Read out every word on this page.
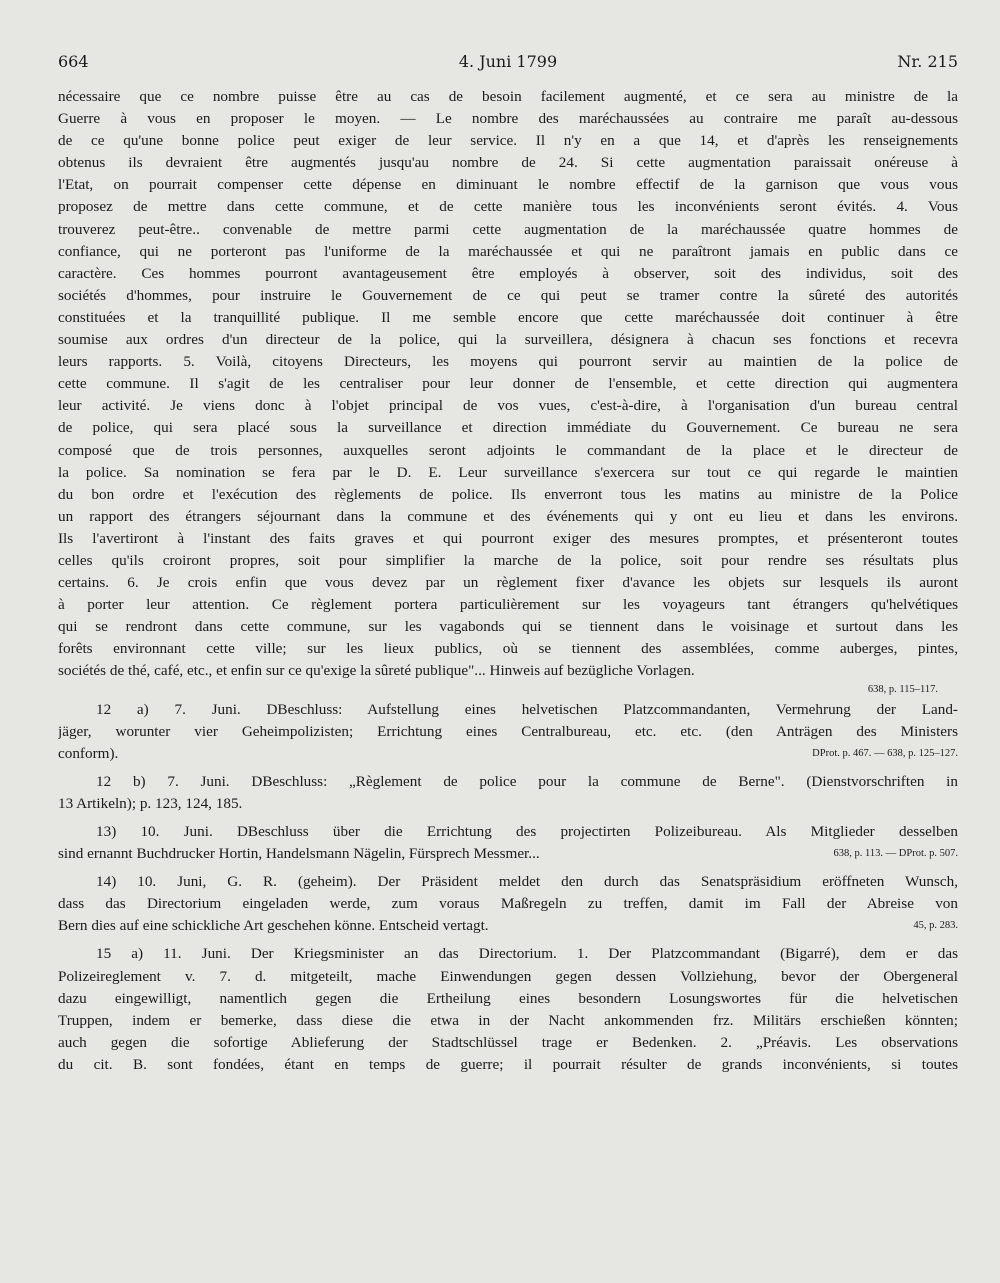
664	4. Juni 1799	Nr. 215
nécessaire que ce nombre puisse être au cas de besoin facilement augmenté, et ce sera au ministre de la
Guerre à vous en proposer le moyen. — Le nombre des maréchaussées au contraire me paraît au-dessous
de ce qu'une bonne police peut exiger de leur service. Il n'y en a que 14, et d'après les renseignements
obtenus ils devraient être augmentés jusqu'au nombre de 24. Si cette augmentation paraissait onéreuse à
l'Etat, on pourrait compenser cette dépense en diminuant le nombre effectif de la garnison que vous vous
proposez de mettre dans cette commune, et de cette manière tous les inconvénients seront évités. 4. Vous
trouverez peut-être.. convenable de mettre parmi cette augmentation de la maréchaussée quatre hommes de
confiance, qui ne porteront pas l'uniforme de la maréchaussée et qui ne paraîtront jamais en public dans ce
caractère. Ces hommes pourront avantageusement être employés à observer, soit des individus, soit des
sociétés d'hommes, pour instruire le Gouvernement de ce qui peut se tramer contre la sûreté des autorités
constituées et la tranquillité publique. Il me semble encore que cette maréchaussée doit continuer à être
soumise aux ordres d'un directeur de la police, qui la surveillera, désignera à chacun ses fonctions et recevra
leurs rapports. 5. Voilà, citoyens Directeurs, les moyens qui pourront servir au maintien de la police de
cette commune. Il s'agit de les centraliser pour leur donner de l'ensemble, et cette direction qui augmentera
leur activité. Je viens donc à l'objet principal de vos vues, c'est-à-dire, à l'organisation d'un bureau central
de police, qui sera placé sous la surveillance et direction immédiate du Gouvernement. Ce bureau ne sera
composé que de trois personnes, auxquelles seront adjoints le commandant de la place et le directeur de
la police. Sa nomination se fera par le D. E. Leur surveillance s'exercera sur tout ce qui regarde le maintien
du bon ordre et l'exécution des règlements de police. Ils enverront tous les matins au ministre de la Police
un rapport des étrangers séjournant dans la commune et des événements qui y ont eu lieu et dans les environs.
Ils l'avertiront à l'instant des faits graves et qui pourront exiger des mesures promptes, et présenteront toutes
celles qu'ils croiront propres, soit pour simplifier la marche de la police, soit pour rendre ses résultats plus
certains. 6. Je crois enfin que vous devez par un règlement fixer d'avance les objets sur lesquels ils auront
à porter leur attention. Ce règlement portera particulièrement sur les voyageurs tant étrangers qu'helvétiques
qui se rendront dans cette commune, sur les vagabonds qui se tiennent dans le voisinage et surtout dans les
forêts environnant cette ville; sur les lieux publics, où se tiennent des assemblées, comme auberges, pintes,
sociétés de thé, café, etc., et enfin sur ce qu'exige la sûreté publique"... Hinweis auf bezügliche Vorlagen.
638, p. 115–117.
12 a) 7. Juni. DBeschluss: Aufstellung eines helvetischen Platzcommandanten, Vermehrung der Land-
jäger, worunter vier Geheimpolizisten; Errichtung eines Centralbureau, etc. etc. (den Anträgen des Ministers
conform).	DProt. p. 467. — 638, p. 125–127.
12 b) 7. Juni. DBeschluss: „Règlement de police pour la commune de Berne". (Dienstvorschriften in
13 Artikeln); p. 123, 124, 185.
13) 10. Juni. DBeschluss über die Errichtung des projectirten Polizeibureau. Als Mitglieder desselben
sind ernannt Buchdrucker Hortin, Handelsmann Nägelin, Fürsprech Messmer...	638, p. 113. — DProt. p. 507.
14) 10. Juni, G. R. (geheim). Der Präsident meldet den durch das Senatspräsidium eröffneten Wunsch,
dass das Directorium eingeladen werde, zum voraus Maßregeln zu treffen, damit im Fall der Abreise von
Bern dies auf eine schickliche Art geschehen könne. Entscheid vertagt.	45, p. 283.
15 a) 11. Juni. Der Kriegsminister an das Directorium. 1. Der Platzcommandant (Bigarré), dem er das
Polizeireglement v. 7. d. mitgeteilt, mache Einwendungen gegen dessen Vollziehung, bevor der Obergeneral
dazu eingewilligt, namentlich gegen die Ertheilung eines besondern Losungswortes für die helvetischen
Truppen, indem er bemerke, dass diese die etwa in der Nacht ankommenden frz. Militärs erschießen könnten;
auch gegen die sofortige Ablieferung der Stadtschlüssel trage er Bedenken. 2. „Préavis. Les observations
du cit. B. sont fondées, étant en temps de guerre; il pourrait résulter de grands inconvénients, si toutes
